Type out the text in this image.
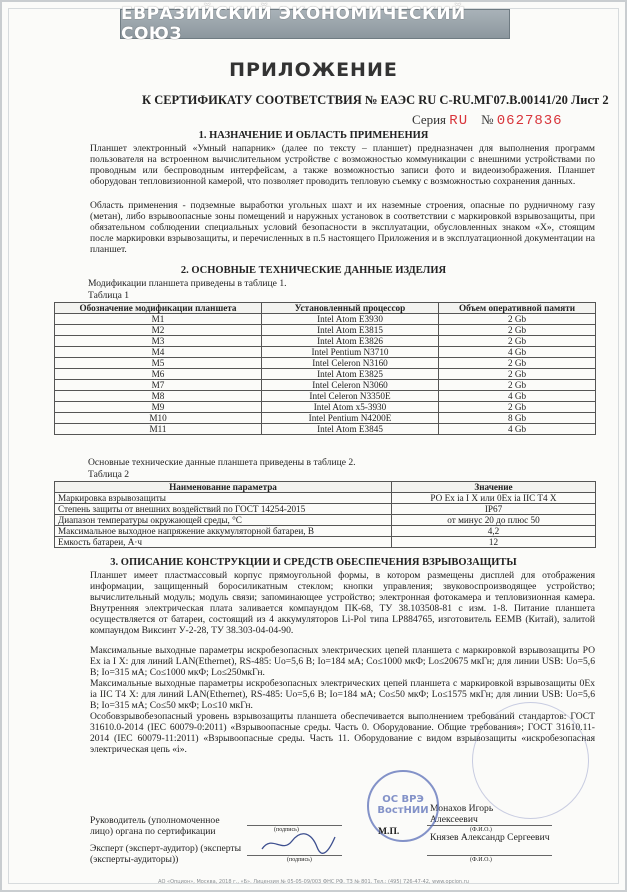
ЕВРАЗИЙСКИЙ ЭКОНОМИЧЕСКИЙ СОЮЗ
ПРИЛОЖЕНИЕ
К СЕРТИФИКАТУ СООТВЕТСТВИЯ № ЕАЭС RU С-RU.МГ07.В.00141/20 Лист 2
Серия RU № 0627836
1. НАЗНАЧЕНИЕ И ОБЛАСТЬ ПРИМЕНЕНИЯ
Планшет электронный «Умный напарник» (далее по тексту – планшет) предназначен для выполнения программ пользователя на встроенном вычислительном устройстве с возможностью коммуникации с внешними устройствами по проводным или беспроводным интерфейсам, а также возможностью записи фото и видеоизображения. Планшет оборудован тепловизионной камерой, что позволяет проводить тепловую съемку с возможностью сохранения данных.
Область применения - подземные выработки угольных шахт и их наземные строения, опасные по рудничному газу (метан), либо взрывоопасные зоны помещений и наружных установок в соответствии с маркировкой взрывозащиты, при обязательном соблюдении специальных условий безопасности в эксплуатации, обусловленных знаком «Х», стоящим после маркировки взрывозащиты, и перечисленных в п.5 настоящего Приложения и в эксплуатационной документации на планшет.
2. ОСНОВНЫЕ ТЕХНИЧЕСКИЕ ДАННЫЕ ИЗДЕЛИЯ
Модификации планшета приведены в таблице 1.
Таблица 1
Обозначение модификации планшета	Установленный процессор	Объем оперативной памяти
M1	Intel Atom E3930	2 Gb
M2	Intel Atom E3815	2 Gb
M3	Intel Atom E3826	2 Gb
M4	Intel Pentium N3710	4 Gb
M5	Intel Celeron N3160	2 Gb
M6	Intel Atom E3825	2 Gb
M7	Intel Celeron N3060	2 Gb
M8	Intel Celeron N3350E	4 Gb
M9	Intel Atom x5-3930	2 Gb
M10	Intel Pentium N4200E	8 Gb
M11	Intel Atom E3845	4 Gb
Основные технические данные планшета приведены в таблице 2.
Таблица 2
Наименование параметра	Значение
Маркировка взрывозащиты	РО Ex ia I X или 0Ex ia IIC T4 X
Степень защиты от внешних воздействий по ГОСТ 14254-2015	IP67
Диапазон температуры окружающей среды, °С	от минус 20 до плюс 50
Максимальное выходное напряжение аккумуляторной батареи, В	4,2
Емкость батареи, А·ч	12
3. ОПИСАНИЕ КОНСТРУКЦИИ И СРЕДСТВ ОБЕСПЕЧЕНИЯ ВЗРЫВОЗАЩИТЫ
Планшет имеет пластмассовый корпус прямоугольной формы, в котором размещены дисплей для отображения информации, защищенный боросиликатным стеклом; кнопки управления; звуковоспроизводящее устройство; вычислительный модуль; модуль связи; запоминающее устройство; электронная фотокамера и тепловизионная камера. Внутренняя электрическая плата заливается компаундом ПК-68, ТУ 38.103508-81 с изм. 1-8. Питание планшета осуществляется от батареи, состоящий из 4 аккумуляторов Li-Pol типа LP884765, изготовитель EEMB (Китай), залитой компаундом Виксинт У-2-28, ТУ 38.303-04-04-90.
Максимальные выходные параметры искробезопасных электрических цепей планшета с маркировкой взрывозащиты РО Ex ia I X: для линий LAN(Ethernet), RS-485: Uo=5,6 В; Io=184 мА; Co≤1000 мкФ; Lo≤20675 мкГн; для линии USB: Uo=5,6 В; Io=315 мА; Co≤1000 мкФ; Lo≤250мкГн.
Максимальные выходные параметры искробезопасных электрических цепей планшета с маркировкой взрывозащиты 0Ex ia IIC T4 X: для линий LAN(Ethernet), RS-485: Uo=5,6 В; Io=184 мА; Co≤50 мкФ; Lo≤1575 мкГн; для линии USB: Uo=5,6 В; Io=315 мА; Co≤50 мкФ; Lo≤10 мкГн.
Особовзрывобезопасный уровень взрывозащиты планшета обеспечивается выполнением требований стандартов: ГОСТ 31610.0-2014 (IEC 60079-0:2011) «Взрывоопасные среды. Часть 0. Оборудование. Общие требования»; ГОСТ 31610.11-2014 (IEC 60079-11:2011) «Взрывоопасные среды. Часть 11. Оборудование с видом взрывозащиты «искробезопасная электрическая цепь «i».
Руководитель (уполномоченное лицо) органа по сертификации	(подпись)
Монахов Игорь Алексеевич
(Ф.И.О.)
ОС ВРЭ ВостНИИ
М.П.
Эксперт (эксперт-аудитор) (эксперты (эксперты-аудиторы))	(подпись)
Князев Александр Сергеевич
(Ф.И.О.)
АО «Опцион», Москва, 2018 г., «Б». Лицензия № 05-05-09/003 ФНС РФ. ТЗ № 801. Тел.: (495) 726-47-42, www.opcion.ru
